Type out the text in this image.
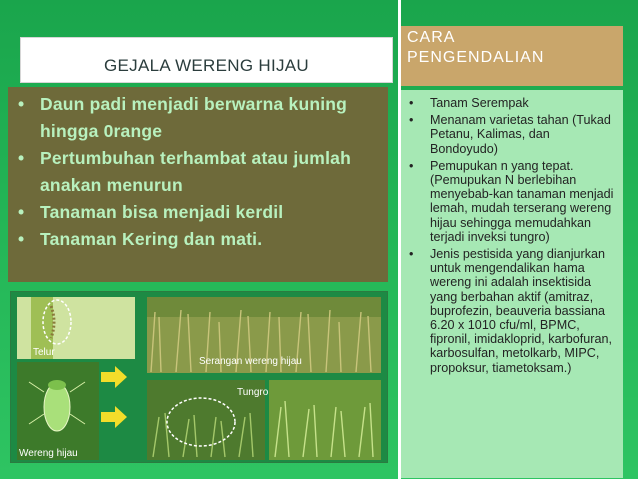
GEJALA WERENG HIJAU
• Daun padi menjadi berwarna kuning hingga 0range
• Pertumbuhan terhambat atau jumlah anakan menurun
• Tanaman bisa menjadi kerdil
• Tanaman Kering dan mati.
Telur
Wereng hijau
Serangan wereng hijau
Tungro
CARA
PENGENDALIAN
• Tanam Serempak
• Menanam varietas tahan (Tukad Petanu, Kalimas, dan Bondoyudo)
• Pemupukan n yang tepat. (Pemupukan N berlebihan menyebab-kan tanaman menjadi lemah, mudah terserang wereng hijau sehingga memudahkan terjadi inveksi tungro)
• Jenis pestisida yang dianjurkan untuk mengendalikan hama wereng ini adalah insektisida yang berbahan aktif (amitraz, buprofezin, beauveria bassiana 6.20 x 1010 cfu/ml, BPMC, fipronil, imidakloprid, karbofuran, karbosulfan, metolkarb, MIPC, propoksur, tiametoksam.)
